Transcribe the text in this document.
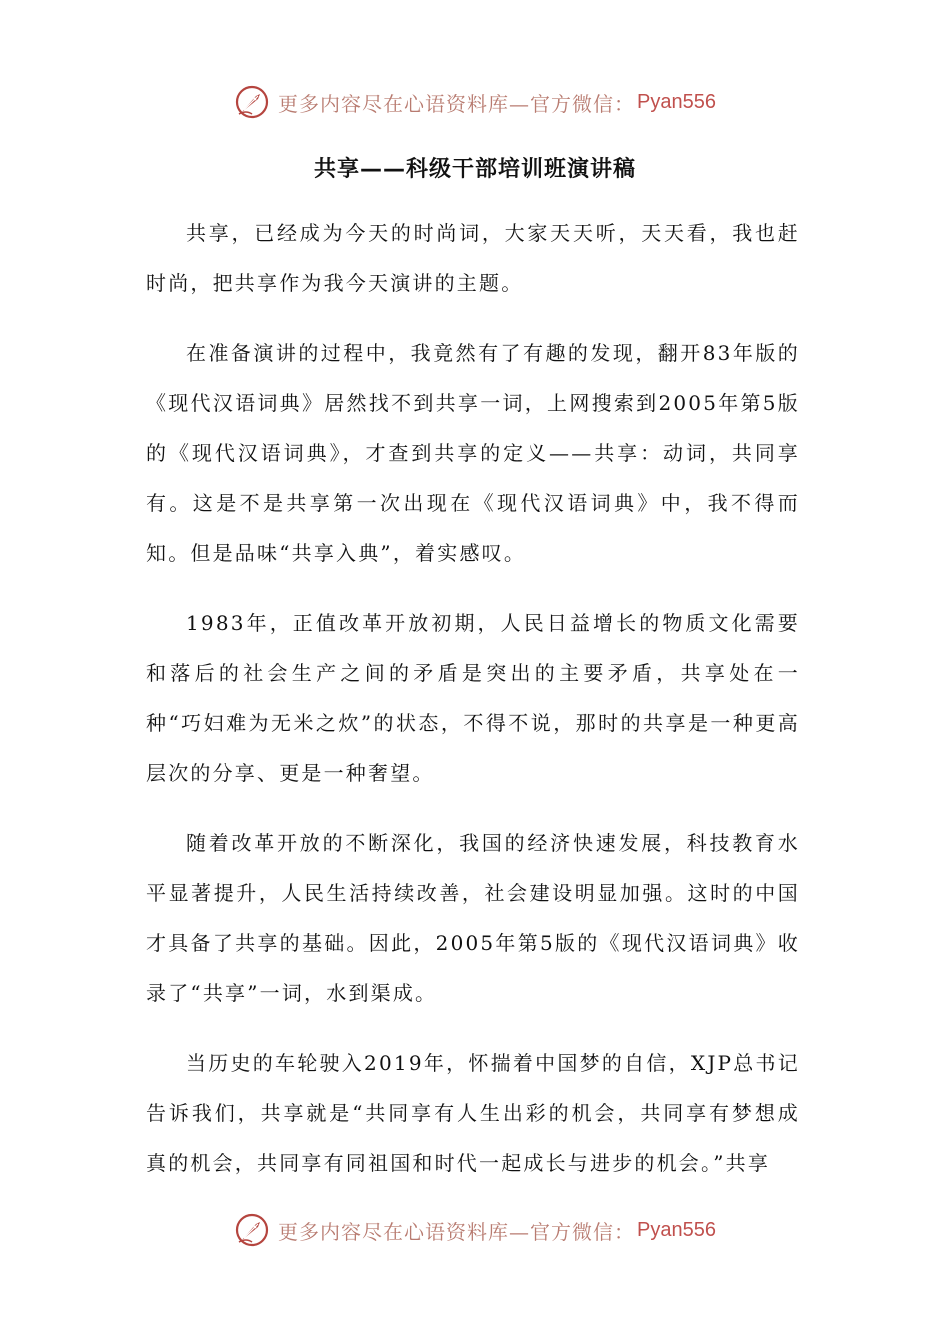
更多内容尽在心语资料库—官方微信： Pyan556
共享——科级干部培训班演讲稿

共享，已经成为今天的时尚词，大家天天听，天天看，我也赶时尚，把共享作为我今天演讲的主题。

在准备演讲的过程中，我竟然有了有趣的发现，翻开83年版的《现代汉语词典》居然找不到共享一词，上网搜索到2005年第5版的《现代汉语词典》，才查到共享的定义——共享：动词，共同享有。这是不是共享第一次出现在《现代汉语词典》中，我不得而知。但是品味“共享入典”，着实感叹。

1983年，正值改革开放初期，人民日益增长的物质文化需要和落后的社会生产之间的矛盾是突出的主要矛盾，共享处在一种“巧妇难为无米之炊”的状态，不得不说，那时的共享是一种更高层次的分享、更是一种奢望。

随着改革开放的不断深化，我国的经济快速发展，科技教育水平显著提升，人民生活持续改善，社会建设明显加强。这时的中国才具备了共享的基础。因此，2005年第5版的《现代汉语词典》收录了“共享”一词，水到渠成。

当历史的车轮驶入2019年，怀揣着中国梦的自信，XJP总书记告诉我们，共享就是“共同享有人生出彩的机会，共同享有梦想成真的机会，共同享有同祖国和时代一起成长与进步的机会。”共享

更多内容尽在心语资料库—官方微信： Pyan556
